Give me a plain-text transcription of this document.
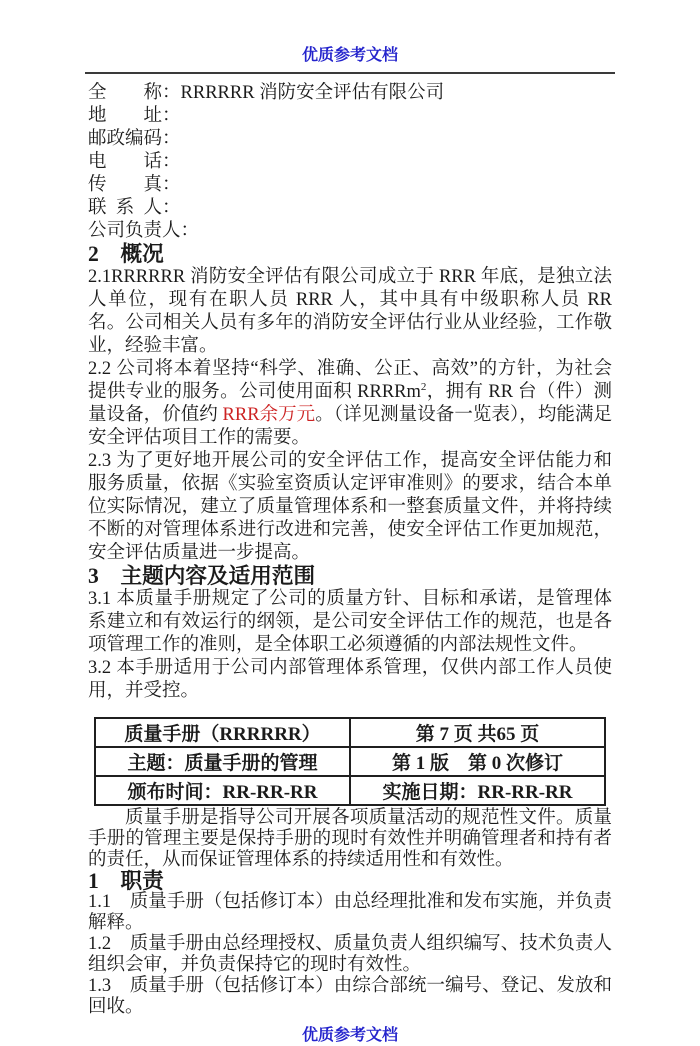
优质参考文档
全称：RRRRRR 消防安全评估有限公司
地址：
邮政编码：
电话：
传真：
联系人：
公司负责人：
2　概况

2.1RRRRRR 消防安全评估有限公司成立于 RRR 年底，是独立法人单位，现有在职人员 RRR 人，其中具有中级职称人员 RR 名。公司相关人员有多年的消防安全评估行业从业经验，工作敬业，经验丰富。

2.2 公司将本着坚持“科学、准确、公正、高效”的方针，为社会提供专业的服务。公司使用面积 RRRRm$^2$，拥有 RR 台（件）测量设备，价值约 RRR余万元。（详见测量设备一览表），均能满足安全评估项目工作的需要。

2.3 为了更好地开展公司的安全评估工作，提高安全评估能力和服务质量，依据《实验室资质认定评审准则》的要求，结合本单位实际情况，建立了质量管理体系和一整套质量文件，并将持续不断的对管理体系进行改进和完善，使安全评估工作更加规范，安全评估质量进一步提高。

3　主题内容及适用范围

3.1 本质量手册规定了公司的质量方针、目标和承诺，是管理体系建立和有效运行的纲领，是公司安全评估工作的规范，也是各项管理工作的准则，是全体职工必须遵循的内部法规性文件。

3.2 本手册适用于公司内部管理体系管理，仅供内部工作人员使用，并受控。

质量手册（RRRRRR）	第 7 页 共65 页
主题：质量手册的管理	第 1 版　第 0 次修订
颁布时间：RR-RR-RR	实施日期：RR-RR-RR

质量手册是指导公司开展各项质量活动的规范性文件。质量手册的管理主要是保持手册的现时有效性并明确管理者和持有者的责任，从而保证管理体系的持续适用性和有效性。

1　职责

1.1　质量手册（包括修订本）由总经理批准和发布实施，并负责解释。

1.2　质量手册由总经理授权、质量负责人组织编写、技术负责人组织会审，并负责保持它的现时有效性。

1.3　质量手册（包括修订本）由综合部统一编号、登记、发放和回收。

优质参考文档
